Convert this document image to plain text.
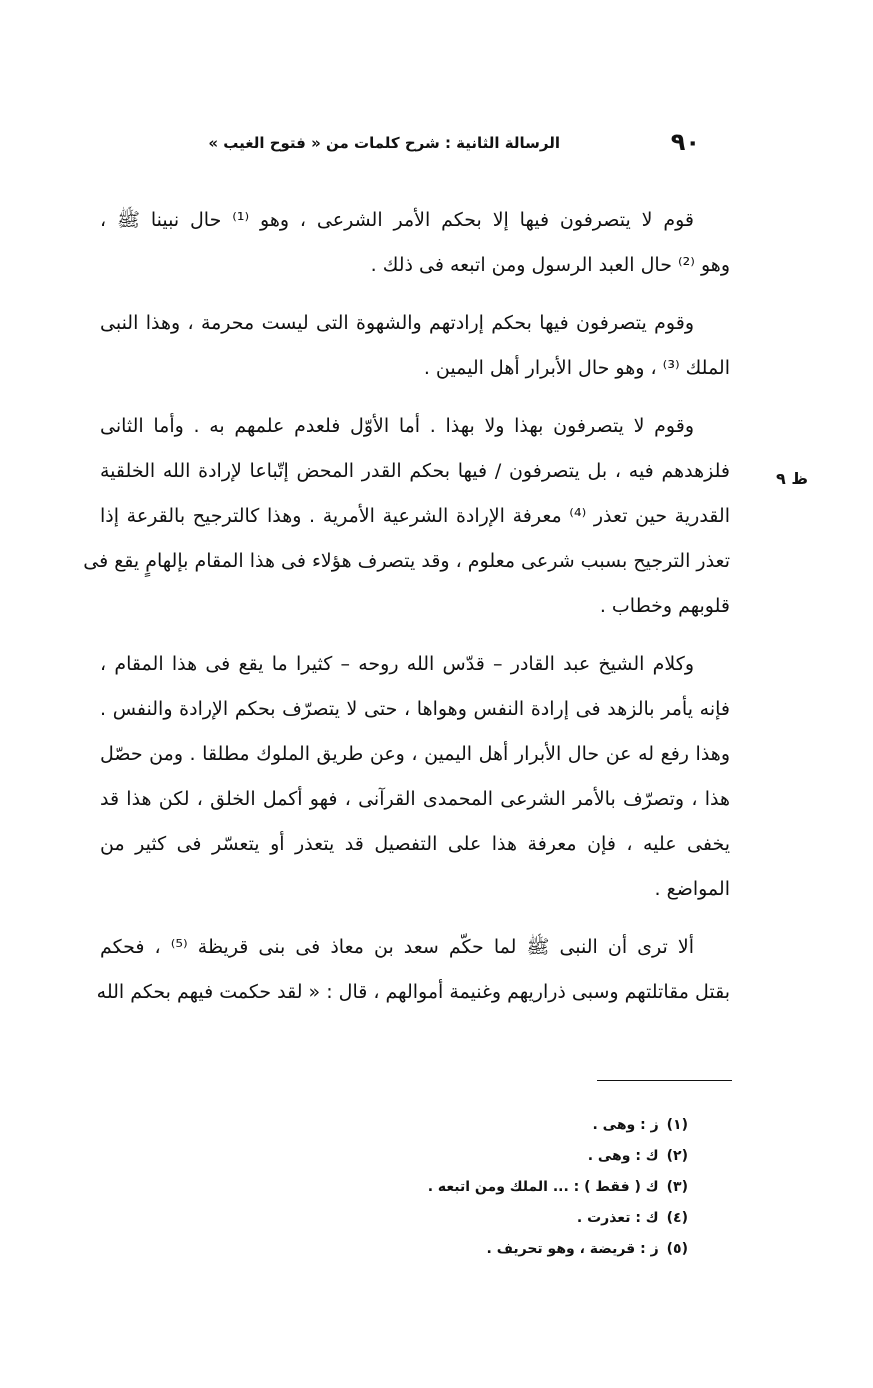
الرسالة الثانية : شرح كلمات من « فتوح الغيب »	٩٠
ظ ٩
قوم لا يتصرفون فيها إلا بحكم الأمر الشرعى ، وهو ⁽¹⁾ حال نبينا ﷺ ،
وهو ⁽²⁾ حال العبد الرسول ومن اتبعه فى ذلك .
وقوم يتصرفون فيها بحكم إرادتهم والشهوة التى ليست محرمة ، وهذا النبى
الملك ⁽³⁾ ، وهو حال الأبرار أهل اليمين .
وقوم لا يتصرفون بهذا ولا بهذا . أما الأوّل فلعدم علمهم به . وأما الثانى
فلزهدهم فيه ، بل يتصرفون / فيها بحكم القدر المحض إتّباعا لإرادة الله الخلقية
القدرية حين تعذر ⁽⁴⁾ معرفة الإرادة الشرعية الأمرية . وهذا كالترجيح بالقرعة إذا
تعذر الترجيح بسبب شرعى معلوم ، وقد يتصرف هؤلاء فى هذا المقام بإلهامٍ يقع فى
قلوبهم وخطاب .
وكلام الشيخ عبد القادر – قدّس الله روحه – كثيرا ما يقع فى هذا المقام ،
فإنه يأمر بالزهد فى إرادة النفس وهواها ، حتى لا يتصرّف بحكم الإرادة والنفس .
وهذا رفع له عن حال الأبرار أهل اليمين ، وعن طريق الملوك مطلقا . ومن حصّل
هذا ، وتصرّف بالأمر الشرعى المحمدى القرآنى ، فهو أكمل الخلق ، لكن هذا قد
يخفى عليه ، فإن معرفة هذا على التفصيل قد يتعذر أو يتعسّر فى كثير من
المواضع .
ألا ترى أن النبى ﷺ لما حكّم سعد بن معاذ فى بنى قريظة ⁽⁵⁾ ، فحكم
بقتل مقاتلتهم وسبى ذراريهم وغنيمة أموالهم ، قال : « لقد حكمت فيهم بحكم الله
(١)ز : وهى .
(٢)ك : وهى .
(٣)ك ( فقط ) : ... الملك ومن اتبعه .
(٤)ك : تعذرت .
(٥)ز : قريضة ، وهو تحريف .
